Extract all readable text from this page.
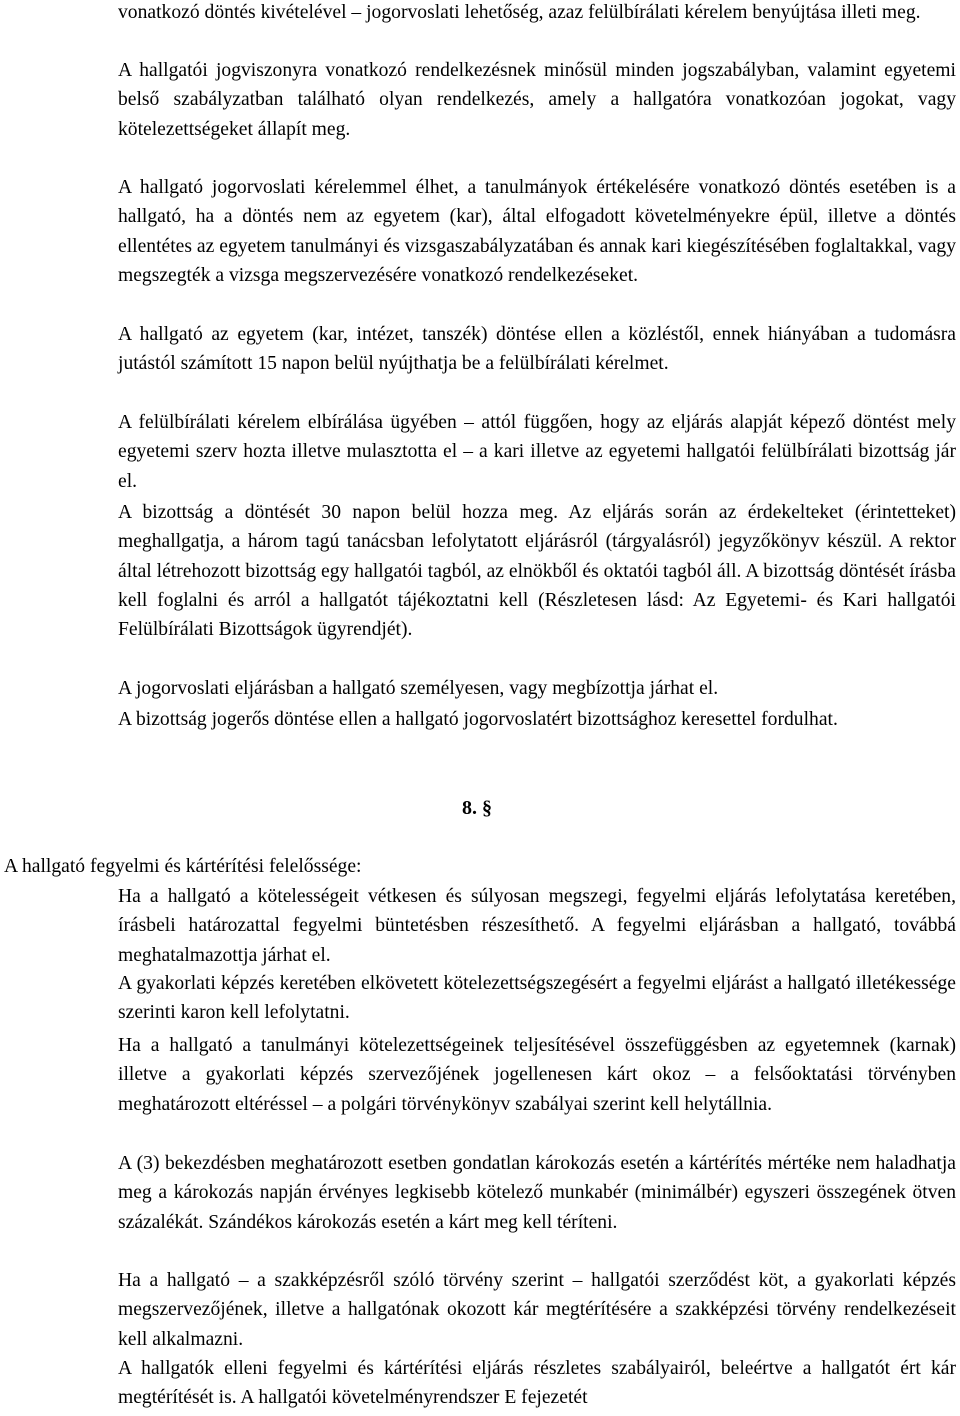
vonatkozó döntés kivételével – jogorvoslati lehetőség, azaz felülbírálati kérelem benyújtása illeti meg.

A hallgatói jogviszonyra vonatkozó rendelkezésnek minősül minden jogszabályban, valamint egyetemi belső szabályzatban található olyan rendelkezés, amely a hallgatóra vonatkozóan jogokat, vagy kötelezettségeket állapít meg.

A hallgató jogorvoslati kérelemmel élhet, a tanulmányok értékelésére vonatkozó döntés esetében is a hallgató, ha a döntés nem az egyetem (kar), által elfogadott követelményekre épül, illetve a döntés ellentétes az egyetem tanulmányi és vizsgaszabályzatában és annak kari kiegészítésében foglaltakkal, vagy megszegték a vizsga megszervezésére vonatkozó rendelkezéseket.

A hallgató az egyetem (kar, intézet, tanszék) döntése ellen a közléstől, ennek hiányában a tudomásra jutástól számított 15 napon belül nyújthatja be a felülbírálati kérelmet.

A felülbírálati kérelem elbírálása ügyében – attól függően, hogy az eljárás alapját képező döntést mely egyetemi szerv hozta illetve mulasztotta el – a kari illetve az egyetemi hallgatói felülbírálati bizottság jár el.

A bizottság a döntését 30 napon belül hozza meg. Az eljárás során az érdekelteket (érintetteket) meghallgatja, a három tagú tanácsban lefolytatott eljárásról (tárgyalásról) jegyzőkönyv készül. A rektor által létrehozott bizottság egy hallgatói tagból, az elnökből és oktatói tagból áll. A bizottság döntését írásba kell foglalni és arról a hallgatót tájékoztatni kell (Részletesen lásd: Az Egyetemi- és Kari hallgatói Felülbírálati Bizottságok ügyrendjét).

A jogorvoslati eljárásban a hallgató személyesen, vagy megbízottja járhat el.

A bizottság jogerős döntése ellen a hallgató jogorvoslatért bizottsághoz keresettel fordulhat.

8. §

A hallgató fegyelmi és kártérítési felelőssége:

Ha a hallgató a kötelességeit vétkesen és súlyosan megszegi, fegyelmi eljárás lefolytatása keretében, írásbeli határozattal fegyelmi büntetésben részesíthető. A fegyelmi eljárásban a hallgató, továbbá meghatalmazottja járhat el.

A gyakorlati képzés keretében elkövetett kötelezettségszegésért a fegyelmi eljárást a hallgató illetékessége szerinti karon kell lefolytatni.

Ha a hallgató a tanulmányi kötelezettségeinek teljesítésével összefüggésben az egyetemnek (karnak) illetve a gyakorlati képzés szervezőjének jogellenesen kárt okoz – a felsőoktatási törvényben meghatározott eltéréssel – a polgári törvénykönyv szabályai szerint kell helytállnia.

A (3) bekezdésben meghatározott esetben gondatlan károkozás esetén a kártérítés mértéke nem haladhatja meg a károkozás napján érvényes legkisebb kötelező munkabér (minimálbér) egyszeri összegének ötven százalékát. Szándékos károkozás esetén a kárt meg kell téríteni.

Ha a hallgató – a szakképzésről szóló törvény szerint – hallgatói szerződést köt, a gyakorlati képzés megszervezőjének, illetve a hallgatónak okozott kár megtérítésére a szakképzési törvény rendelkezéseit kell alkalmazni.

A hallgatók elleni fegyelmi és kártérítési eljárás részletes szabályairól, beleértve a hallgatót ért kár megtérítését is. A hallgatói követelményrendszer E fejezetét
